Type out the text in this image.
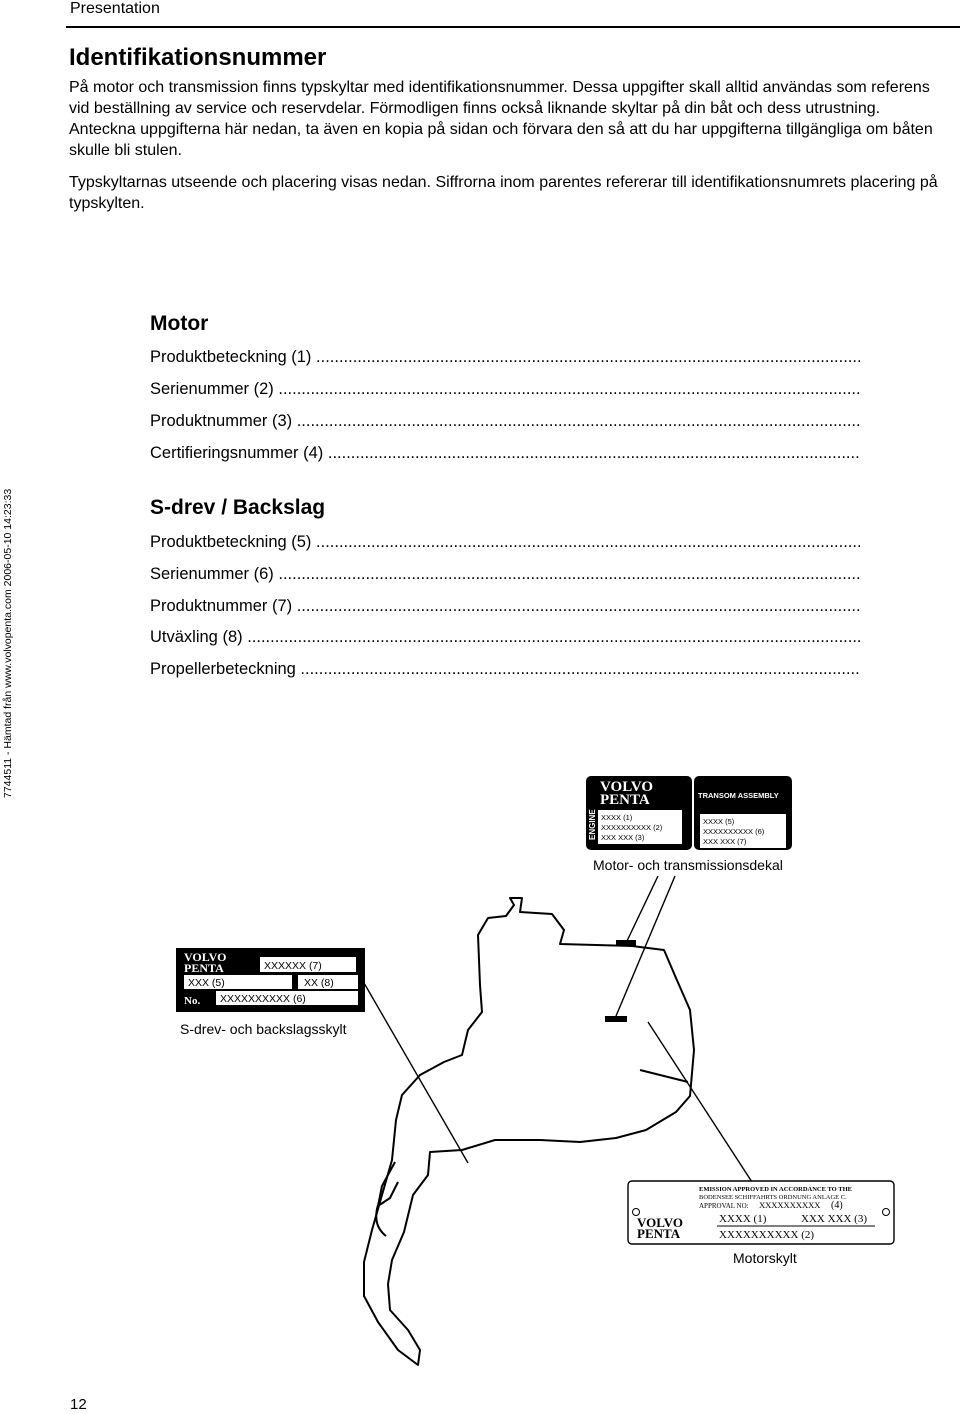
Presentation
Identifikationsnummer
På motor och transmission finns typskyltar med identifikationsnummer. Dessa uppgifter skall alltid användas som referens vid beställning av service och reservdelar. Förmodligen finns också liknande skyltar på din båt och dess utrustning. Anteckna uppgifterna här nedan, ta även en kopia på sidan och förvara den så att du har uppgifterna tillgängliga om båten skulle bli stulen.
Typskyltarnas utseende och placering visas nedan. Siffrorna inom parentes refererar till identifikationsnumrets placering på typskylten.
Motor
Produktbeteckning (1) .....
Serienummer (2) .....
Produktnummer (3) .....
Certifieringsnummer (4) .....
S-drev / Backslag
Produktbeteckning (5) .....
Serienummer (6) .....
Produktnummer (7) .....
Utväxling (8) .....
Propellerbeteckning .....
7744511 - Hämtad från www.volvopenta.com 2006-05-10 14:23:33	VOLVO
PENTA
ENGINE XXXX (1)
XXXXXXXXXX (2)
XXX XXX (3)
TRANSOM ASSEMBLY
XXXX (5)
XXXXXXXXXX (6)
XXX XXX (7)
Motor- och transmissionsdekal
VOLVO
PENTA	XXXXXX (7)
XXX (5)	XX (8)
No. XXXXXXXXXX (6)
S-drev- och backslagsskylt
EMISSION APPROVED IN ACCORDANCE TO THE
BODENSEE SCHIFFAHRTS ORDNUNG ANLAGE C.
APPROVAL NO: XXXXXXXXXX (4)
VOLVO
PENTA
XXXX (1)	XXX XXX (3)
XXXXXXXXXX (2)
Motorskylt
12
